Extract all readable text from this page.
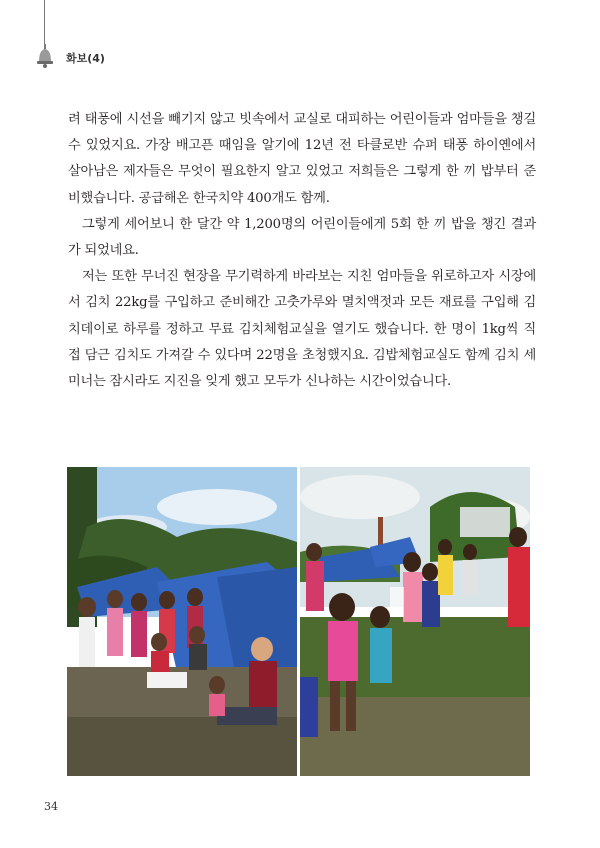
화보(4)

려 태풍에 시선을 빼기지 않고 빗속에서 교실로 대피하는 어린이들과 엄마들을 챙길 수 있었지요. 가장 배고픈 때임을 알기에 12년 전 타클로반 슈퍼 태풍 하이옌에서 살아남은 제자들은 무엇이 필요한지 알고 있었고 저희들은 그렇게 한 끼 밥부터 준비했습니다. 공급해온 한국치약 400개도 함께.

그렇게 세어보니 한 달간 약 1,200명의 어린이들에게 5회 한 끼 밥을 챙긴 결과가 되었네요.

저는 또한 무너진 현장을 무기력하게 바라보는 지친 엄마들을 위로하고자 시장에서 김치 22kg를 구입하고 준비해간 고춧가루와 멸치액젓과 모든 재료를 구입해 김치데이로 하루를 정하고 무료 김치체험교실을 열기도 했습니다. 한 명이 1kg씩 직접 담근 김치도 가져갈 수 있다며 22명을 초청했지요. 김밥체험교실도 함께 김치 세미너는 잠시라도 지진을 잊게 했고 모두가 신나하는 시간이었습니다.

34
